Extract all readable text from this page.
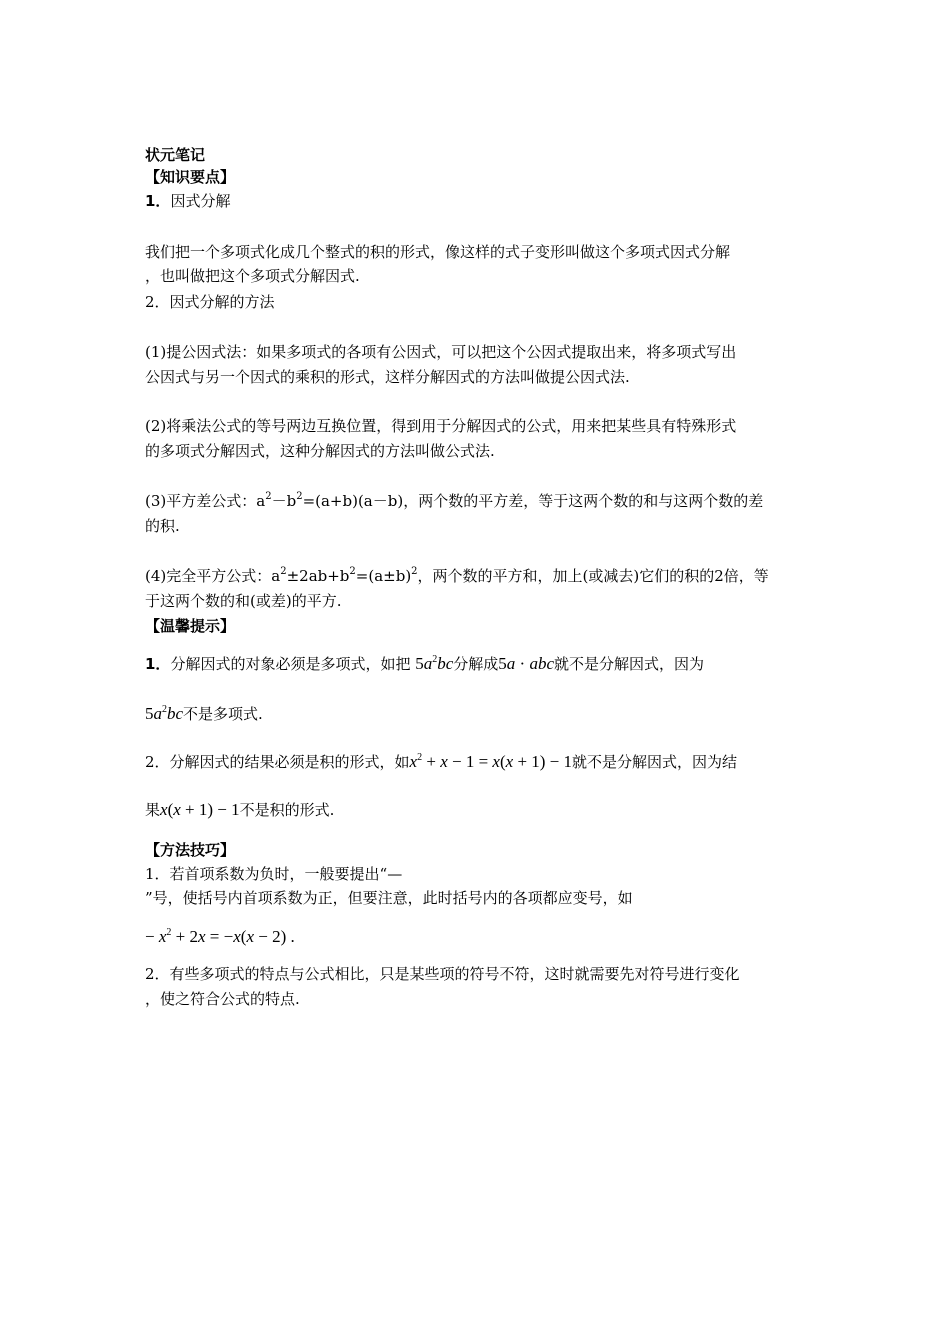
状元笔记
【知识要点】
1．因式分解
我们把一个多项式化成几个整式的积的形式，像这样的式子变形叫做这个多项式因式分解
，也叫做把这个多项式分解因式.
2．因式分解的方法
(1)提公因式法：如果多项式的各项有公因式，可以把这个公因式提取出来，将多项式写出
公因式与另一个因式的乘积的形式，这样分解因式的方法叫做提公因式法.
(2)将乘法公式的等号两边互换位置，得到用于分解因式的公式，用来把某些具有特殊形式
的多项式分解因式，这种分解因式的方法叫做公式法.
(3)平方差公式：$a^2-b^2=(a+b)(a-b)$，两个数的平方差，等于这两个数的和与这两个数的差
的积.
(4)完全平方公式：$a^2\pm 2ab+b^2=(a\pm b)^2$，两个数的平方和，加上(或减去)它们的积的2倍，等
于这两个数的和(或差)的平方.
【温馨提示】
1．分解因式的对象必须是多项式，如把 $5a^2bc$分解成5a · abc就不是分解因式，因为
$5a^2bc$不是多项式.
2．分解因式的结果必须是积的形式，如$x^2 + x - 1 = x(x + 1) - 1$就不是分解因式，因为结
果x(x + 1) − 1不是积的形式.
【方法技巧】
1．若首项系数为负时，一般要提出“—
”号，使括号内首项系数为正，但要注意，此时括号内的各项都应变号，如
− $x^2 + 2x = -x(x - 2)$ .
2．有些多项式的特点与公式相比，只是某些项的符号不符，这时就需要先对符号进行变化
，使之符合公式的特点.
